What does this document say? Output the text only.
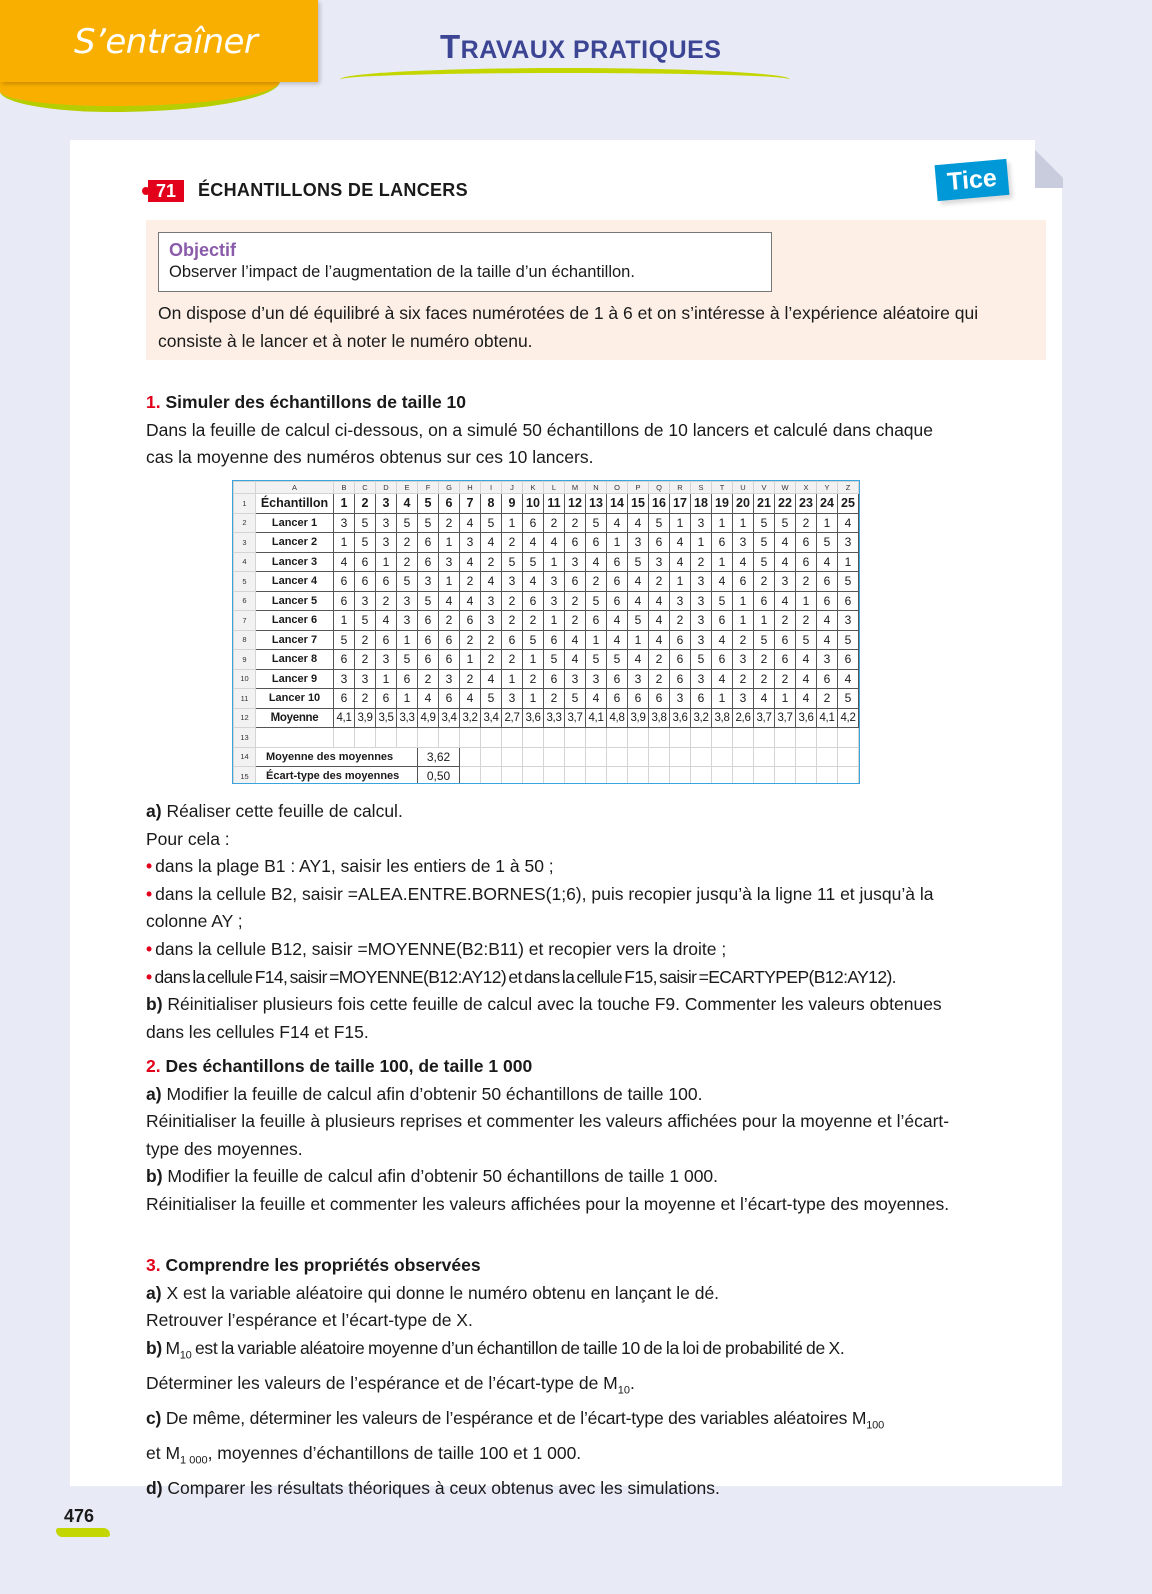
S’entraîner	TRAVAUX PRATIQUES
71	ÉCHANTILLONS DE LANCERS	Tice
Objectif
Observer l’impact de l’augmentation de la taille d’un échantillon.
On dispose d’un dé équilibré à six faces numérotées de 1 à 6 et on s’intéresse à l’expérience aléatoire qui consiste à le lancer et à noter le numéro obtenu.
1. Simuler des échantillons de taille 10
Dans la feuille de calcul ci-dessous, on a simulé 50 échantillons de 10 lancers et calculé dans chaque cas la moyenne des numéros obtenus sur ces 10 lancers.
	A	B	C	D	E	F	G	H	I	J	K	L	M	N	O	P	Q	R	S	T	U	V	W	X	Y	Z
1	Échantillon	1	2	3	4	5	6	7	8	9	10	11	12	13	14	15	16	17	18	19	20	21	22	23	24	25
2	Lancer 1	3	5	3	5	5	2	4	5	1	6	2	2	5	4	4	5	1	3	1	1	5	5	2	1	4
3	Lancer 2	1	5	3	2	6	1	3	4	2	4	4	6	6	1	3	6	4	1	6	3	5	4	6	5	3
4	Lancer 3	4	6	1	2	6	3	4	2	5	5	1	3	4	6	5	3	4	2	1	4	5	4	6	4	1
5	Lancer 4	6	6	6	5	3	1	2	4	3	4	3	6	2	6	4	2	1	3	4	6	2	3	2	6	5
6	Lancer 5	6	3	2	3	5	4	4	3	2	6	3	2	5	6	4	4	3	3	5	1	6	4	1	6	6
7	Lancer 6	1	5	4	3	6	2	6	3	2	2	1	2	6	4	5	4	2	3	6	1	1	2	2	4	3
8	Lancer 7	5	2	6	1	6	6	2	2	6	5	6	4	1	4	1	4	6	3	4	2	5	6	5	4	5
9	Lancer 8	6	2	3	5	6	6	1	2	2	1	5	4	5	5	4	2	6	5	6	3	2	6	4	3	6
10	Lancer 9	3	3	1	6	2	3	2	4	1	2	6	3	3	6	3	2	6	3	4	2	2	2	4	6	4
11	Lancer 10	6	2	6	1	4	6	4	5	3	1	2	5	4	6	6	6	3	6	1	3	4	1	4	2	5
12	Moyenne	4,1	3,9	3,5	3,3	4,9	3,4	3,2	3,4	2,7	3,6	3,3	3,7	4,1	4,8	3,9	3,8	3,6	3,2	3,8	2,6	3,7	3,7	3,6	4,1	4,2
13																										
14	Moyenne des moyennes					3,62																				
15	Écart-type des moyennes					0,50																				
a) Réaliser cette feuille de calcul.
Pour cela :
• dans la plage B1 : AY1, saisir les entiers de 1 à 50 ;
• dans la cellule B2, saisir =ALEA.ENTRE.BORNES(1;6), puis recopier jusqu’à la ligne 11 et jusqu’à la colonne AY ;
• dans la cellule B12, saisir =MOYENNE(B2:B11) et recopier vers la droite ;
• dans la cellule F14, saisir =MOYENNE(B12:AY12) et dans la cellule F15, saisir =ECARTYPEP(B12:AY12).
b) Réinitialiser plusieurs fois cette feuille de calcul avec la touche F9. Commenter les valeurs obtenues dans les cellules F14 et F15.
2. Des échantillons de taille 100, de taille 1 000
a) Modifier la feuille de calcul afin d’obtenir 50 échantillons de taille 100.
Réinitialiser la feuille à plusieurs reprises et commenter les valeurs affichées pour la moyenne et l’écart-type des moyennes.
b) Modifier la feuille de calcul afin d’obtenir 50 échantillons de taille 1 000.
Réinitialiser la feuille et commenter les valeurs affichées pour la moyenne et l’écart-type des moyennes.
3. Comprendre les propriétés observées
a) X est la variable aléatoire qui donne le numéro obtenu en lançant le dé.
Retrouver l’espérance et l’écart-type de X.
b) $M_{10}$ est la variable aléatoire moyenne d’un échantillon de taille 10 de la loi de probabilité de X.
Déterminer les valeurs de l’espérance et de l’écart-type de $M_{10}$.
c) De même, déterminer les valeurs de l’espérance et de l’écart-type des variables aléatoires $M_{100}$
et $M_{1 000}$, moyennes d’échantillons de taille 100 et 1 000.
d) Comparer les résultats théoriques à ceux obtenus avec les simulations.
476
